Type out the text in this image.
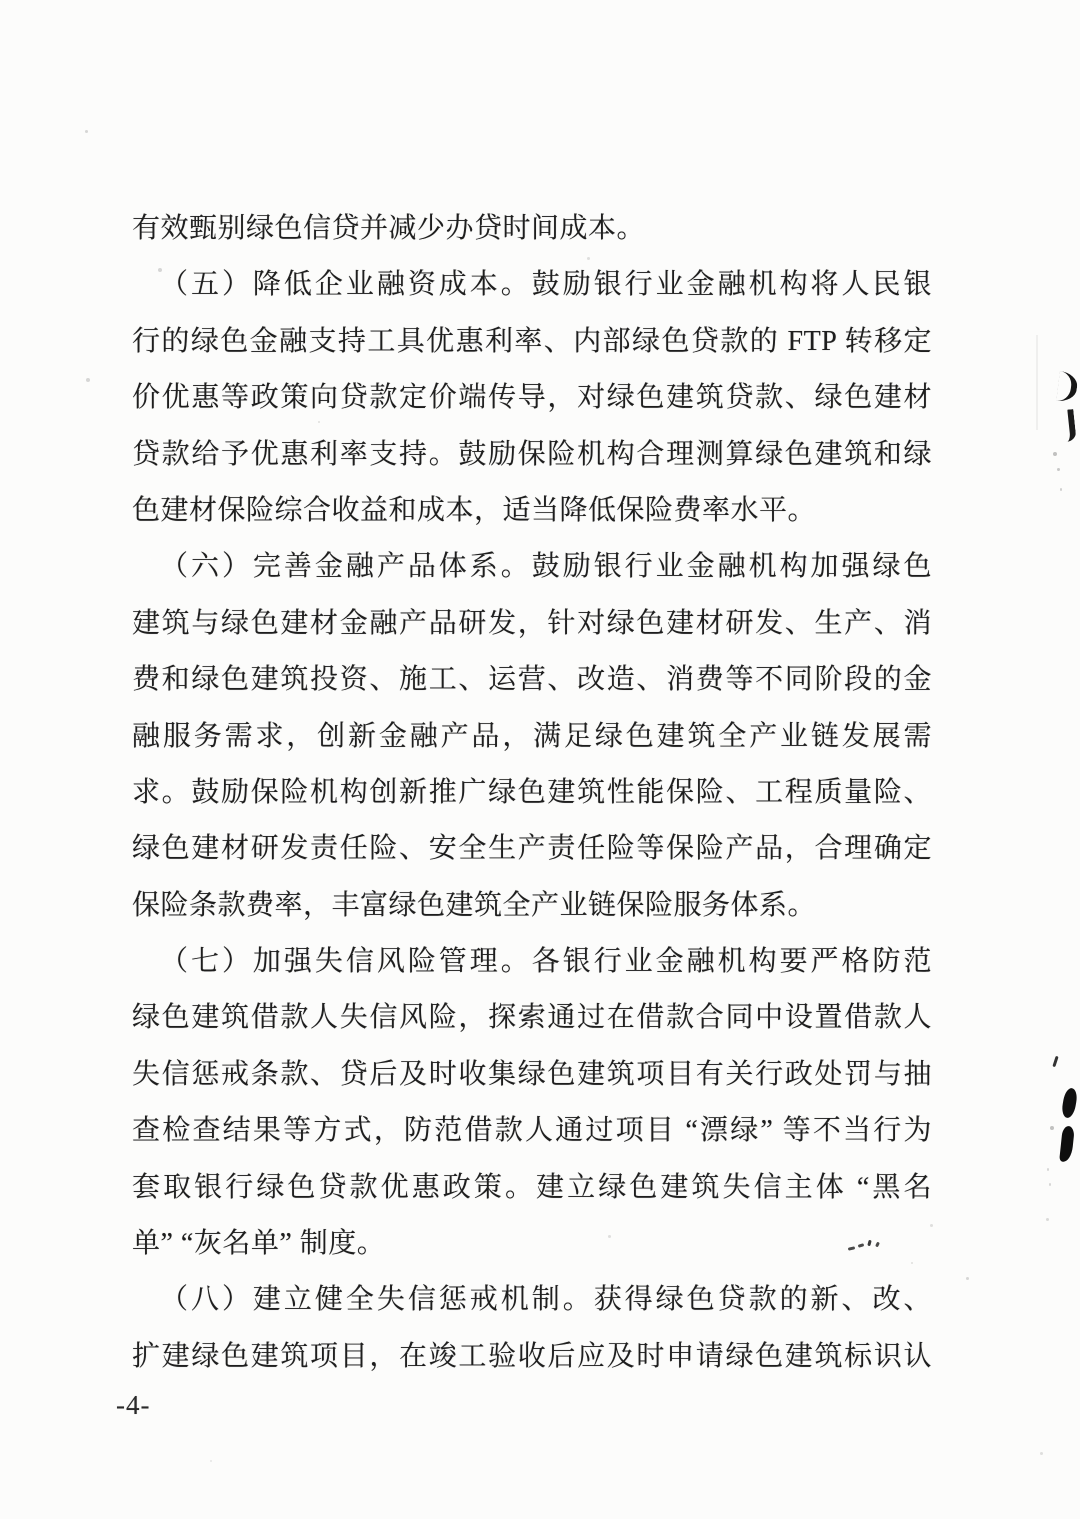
有效甄别绿色信贷并减少办贷时间成本。
（五）降低企业融资成本。鼓励银行业金融机构将人民银
行的绿色金融支持工具优惠利率、内部绿色贷款的 FTP 转移定
价优惠等政策向贷款定价端传导，对绿色建筑贷款、绿色建材
贷款给予优惠利率支持。鼓励保险机构合理测算绿色建筑和绿
色建材保险综合收益和成本，适当降低保险费率水平。
（六）完善金融产品体系。鼓励银行业金融机构加强绿色
建筑与绿色建材金融产品研发，针对绿色建材研发、生产、消
费和绿色建筑投资、施工、运营、改造、消费等不同阶段的金
融服务需求，创新金融产品，满足绿色建筑全产业链发展需
求。鼓励保险机构创新推广绿色建筑性能保险、工程质量险、
绿色建材研发责任险、安全生产责任险等保险产品，合理确定
保险条款费率，丰富绿色建筑全产业链保险服务体系。
（七）加强失信风险管理。各银行业金融机构要严格防范
绿色建筑借款人失信风险，探索通过在借款合同中设置借款人
失信惩戒条款、贷后及时收集绿色建筑项目有关行政处罚与抽
查检查结果等方式，防范借款人通过项目 “漂绿” 等不当行为
套取银行绿色贷款优惠政策。建立绿色建筑失信主体 “黑名
单” “灰名单” 制度。
（八）建立健全失信惩戒机制。获得绿色贷款的新、改、
扩建绿色建筑项目，在竣工验收后应及时申请绿色建筑标识认
-4-
